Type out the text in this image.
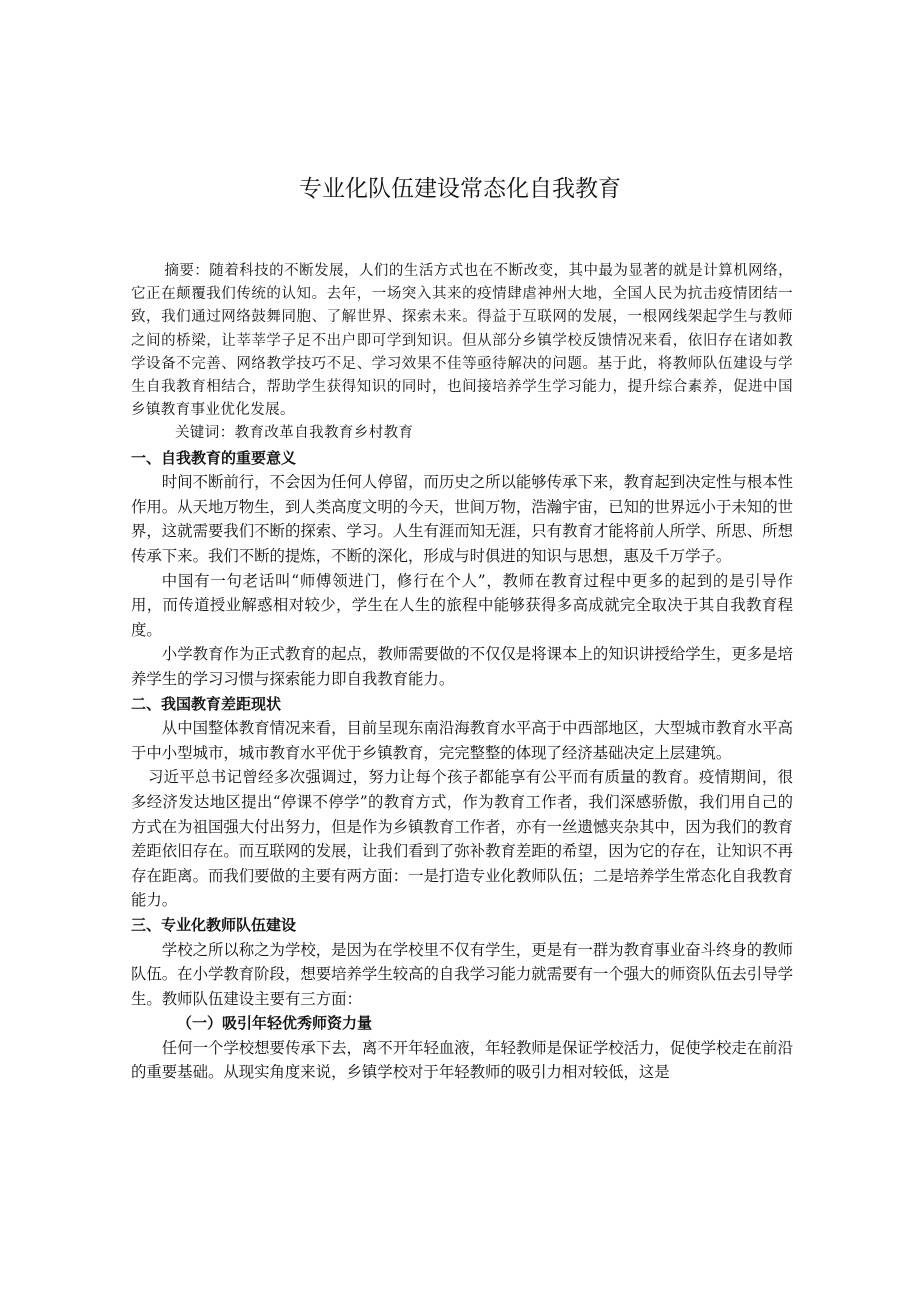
专业化队伍建设常态化自我教育

摘要：随着科技的不断发展，人们的生活方式也在不断改变，其中最为显著的就是计算机网络，它正在颠覆我们传统的认知。去年，一场突入其来的疫情肆虐神州大地，全国人民为抗击疫情团结一致，我们通过网络鼓舞同胞、了解世界、探索未来。得益于互联网的发展，一根网线架起学生与教师之间的桥梁，让莘莘学子足不出户即可学到知识。但从部分乡镇学校反馈情况来看，依旧存在诸如教学设备不完善、网络教学技巧不足、学习效果不佳等亟待解决的问题。基于此，将教师队伍建设与学生自我教育相结合，帮助学生获得知识的同时，也间接培养学生学习能力，提升综合素养，促进中国乡镇教育事业优化发展。

关键词：教育改革自我教育乡村教育

一、自我教育的重要意义

时间不断前行，不会因为任何人停留，而历史之所以能够传承下来，教育起到决定性与根本性作用。从天地万物生，到人类高度文明的今天，世间万物，浩瀚宇宙，已知的世界远小于未知的世界，这就需要我们不断的探索、学习。人生有涯而知无涯，只有教育才能将前人所学、所思、所想传承下来。我们不断的提炼，不断的深化，形成与时俱进的知识与思想，惠及千万学子。

中国有一句老话叫“师傅领进门，修行在个人”，教师在教育过程中更多的起到的是引导作用，而传道授业解惑相对较少，学生在人生的旅程中能够获得多高成就完全取决于其自我教育程度。

小学教育作为正式教育的起点，教师需要做的不仅仅是将课本上的知识讲授给学生，更多是培养学生的学习习惯与探索能力即自我教育能力。

二、我国教育差距现状

从中国整体教育情况来看，目前呈现东南沿海教育水平高于中西部地区，大型城市教育水平高于中小型城市，城市教育水平优于乡镇教育，完完整整的体现了经济基础决定上层建筑。

习近平总书记曾经多次强调过，努力让每个孩子都能享有公平而有质量的教育。疫情期间，很多经济发达地区提出“停课不停学”的教育方式，作为教育工作者，我们深感骄傲，我们用自己的方式在为祖国强大付出努力，但是作为乡镇教育工作者，亦有一丝遗憾夹杂其中，因为我们的教育差距依旧存在。而互联网的发展，让我们看到了弥补教育差距的希望，因为它的存在，让知识不再存在距离。而我们要做的主要有两方面：一是打造专业化教师队伍；二是培养学生常态化自我教育能力。

三、专业化教师队伍建设

学校之所以称之为学校，是因为在学校里不仅有学生，更是有一群为教育事业奋斗终身的教师队伍。在小学教育阶段，想要培养学生较高的自我学习能力就需要有一个强大的师资队伍去引导学生。教师队伍建设主要有三方面：

（一）吸引年轻优秀师资力量

任何一个学校想要传承下去，离不开年轻血液，年轻教师是保证学校活力，促使学校走在前沿的重要基础。从现实角度来说，乡镇学校对于年轻教师的吸引力相对较低，这是
